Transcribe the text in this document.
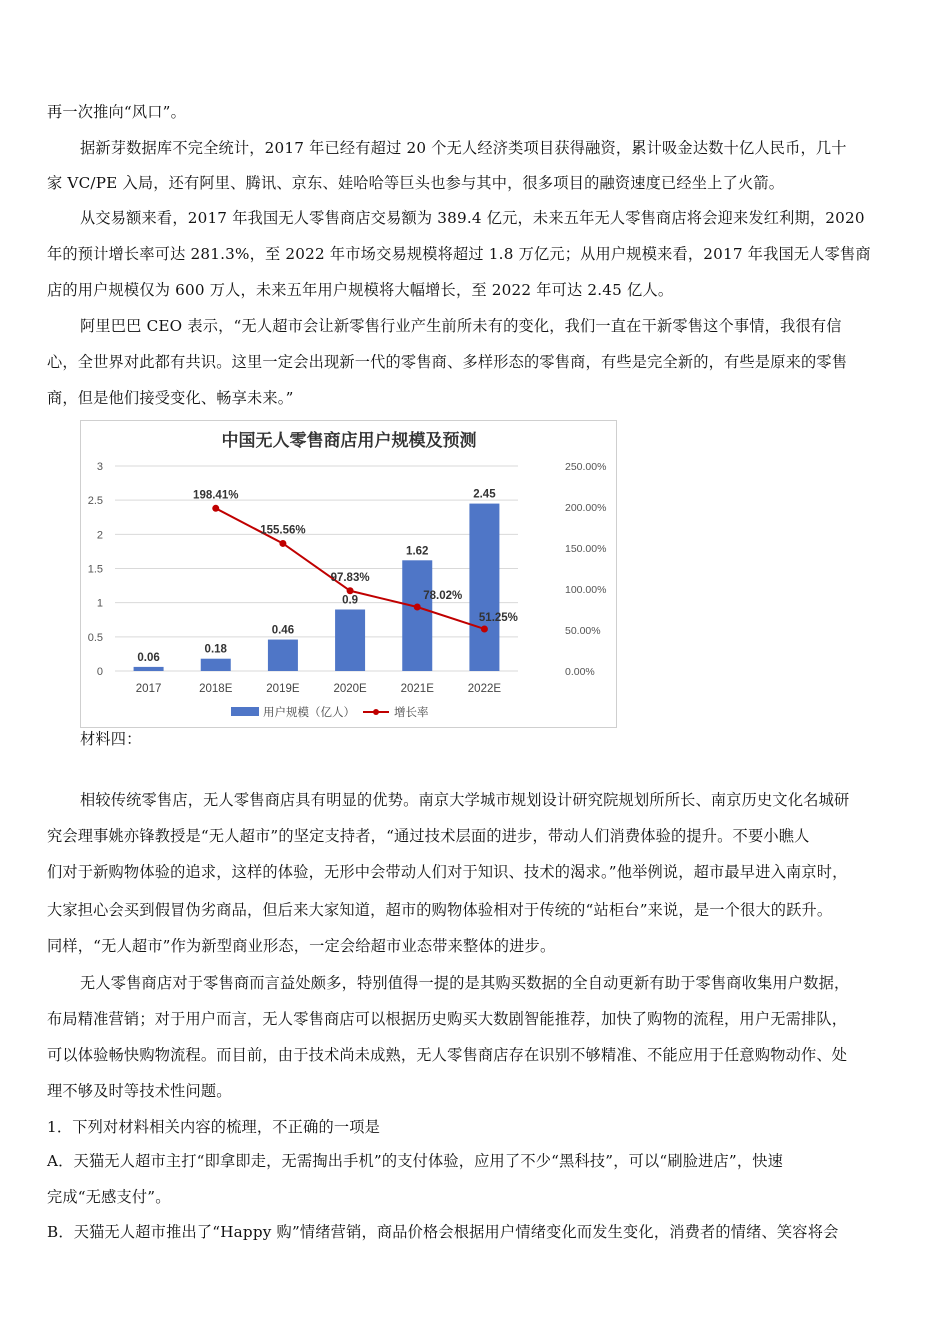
再一次推向“风口”。
据新芽数据库不完全统计，2017 年已经有超过 20 个无人经济类项目获得融资，累计吸金达数十亿人民币，几十
家 VC/PE 入局，还有阿里、腾讯、京东、娃哈哈等巨头也参与其中，很多项目的融资速度已经坐上了火箭。
从交易额来看，2017 年我国无人零售商店交易额为 389.4 亿元，未来五年无人零售商店将会迎来发红利期，2020
年的预计增长率可达 281.3%，至 2022 年市场交易规模将超过 1.8 万亿元；从用户规模来看，2017 年我国无人零售商
店的用户规模仅为 600 万人，未来五年用户规模将大幅增长，至 2022 年可达 2.45 亿人。
阿里巴巴 CEO 表示，“无人超市会让新零售行业产生前所未有的变化，我们一直在干新零售这个事情，我很有信
心，全世界对此都有共识。这里一定会出现新一代的零售商、多样形态的零售商，有些是完全新的，有些是原来的零售
商，但是他们接受变化、畅享未来。”
中国无人零售商店用户规模及预测
0
0.5
1
1.5
2
2.5
3
0.00%
50.00%
100.00%
150.00%
200.00%
250.00%
0.06
2017
0.18
2018E
0.46
2019E
0.9
2020E
1.62
2021E
2.45
2022E
198.41%
155.56%
97.83%
78.02%
51.25%
用户规模（亿人）	增长率
材料四：
相较传统零售店，无人零售商店具有明显的优势。南京大学城市规划设计研究院规划所所长、南京历史文化名城研
究会理事姚亦锋教授是“无人超市”的坚定支持者，“通过技术层面的进步，带动人们消费体验的提升。不要小瞧人
们对于新购物体验的追求，这样的体验，无形中会带动人们对于知识、技术的渴求。”他举例说，超市最早进入南京时，
大家担心会买到假冒伪劣商品，但后来大家知道，超市的购物体验相对于传统的“站柜台”来说，是一个很大的跃升。
同样，“无人超市”作为新型商业形态，一定会给超市业态带来整体的进步。
无人零售商店对于零售商而言益处颇多，特别值得一提的是其购买数据的全自动更新有助于零售商收集用户数据，
布局精准营销；对于用户而言，无人零售商店可以根据历史购买大数剧智能推荐，加快了购物的流程，用户无需排队，
可以体验畅快购物流程。而目前，由于技术尚未成熟，无人零售商店存在识别不够精准、不能应用于任意购物动作、处
理不够及时等技术性问题。
1．下列对材料相关内容的梳理，不正确的一项是
A．天猫无人超市主打“即拿即走，无需掏出手机”的支付体验，应用了不少“黑科技”，可以“刷脸进店”，快速
完成“无感支付”。
B．天猫无人超市推出了“Happy 购”情绪营销，商品价格会根据用户情绪变化而发生变化，消费者的情绪、笑容将会
